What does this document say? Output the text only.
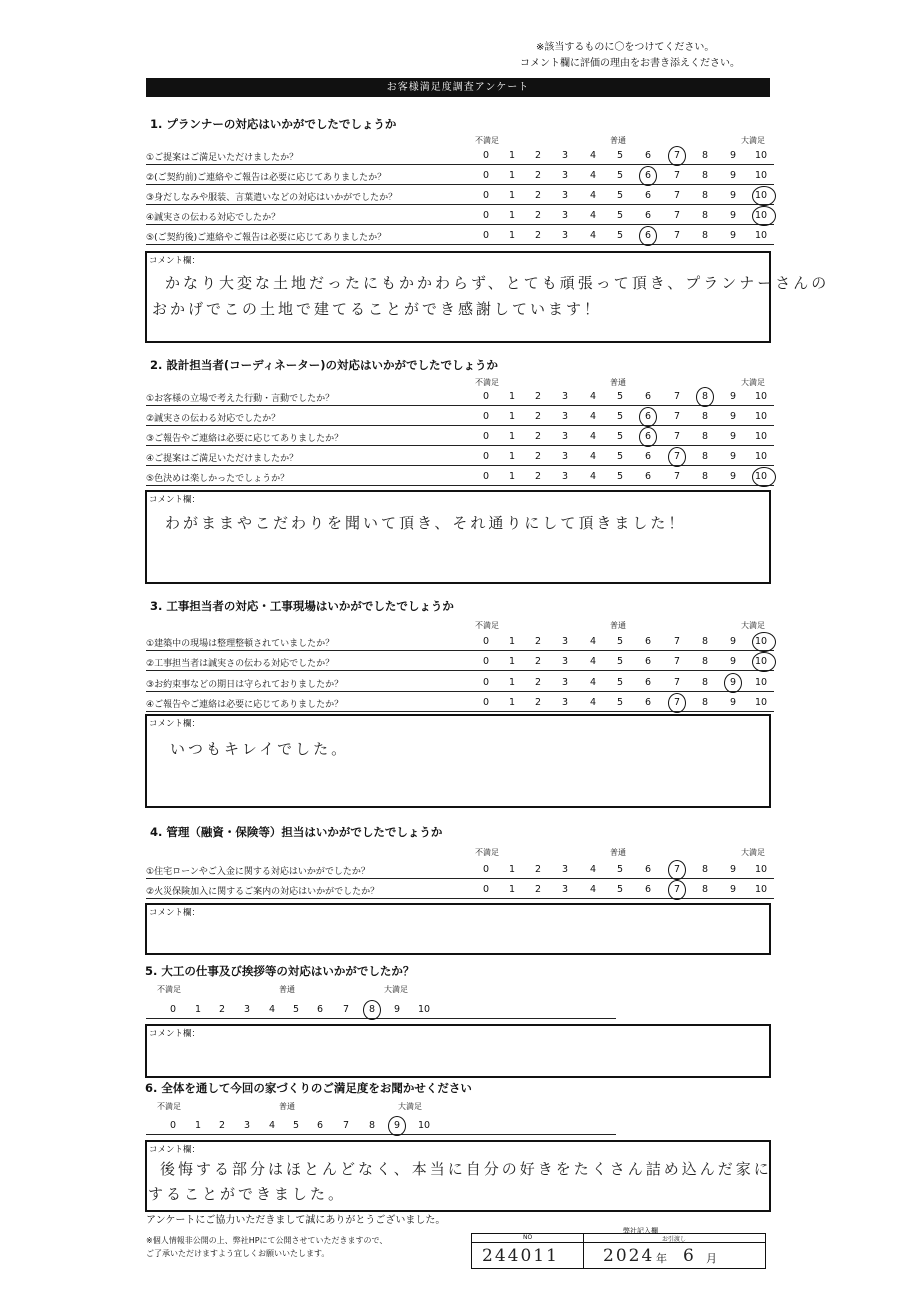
※該当するものに〇をつけてください。
コメント欄に評価の理由をお書き添えください。
お客様満足度調査アンケート
1. プランナーの対応はいかがでしたでしょうか
不満足	普通	大満足
①ご提案はご満足いただけましたか？	0	1	2	3	4	5	6	7	8	9	10
②(ご契約前)ご連絡やご報告は必要に応じてありましたか？	0	1	2	3	4	5	6	7	8	9	10
③身だしなみや服装、言葉遣いなどの対応はいかがでしたか？	0	1	2	3	4	5	6	7	8	9	10
④誠実さの伝わる対応でしたか？	0	1	2	3	4	5	6	7	8	9	10
⑤(ご契約後)ご連絡やご報告は必要に応じてありましたか？	0	1	2	3	4	5	6	7	8	9	10
コメント欄：
かなり大変な土地だったにもかかわらず、とても頑張って頂き、プランナーさんの
おかげでこの土地で建てることができ感謝しています！
2. 設計担当者(コーディネーター)の対応はいかがでしたでしょうか
不満足	普通	大満足
①お客様の立場で考えた行動・言動でしたか？	0	1	2	3	4	5	6	7	8	9	10
②誠実さの伝わる対応でしたか？	0	1	2	3	4	5	6	7	8	9	10
③ご報告やご連絡は必要に応じてありましたか？	0	1	2	3	4	5	6	7	8	9	10
④ご提案はご満足いただけましたか？	0	1	2	3	4	5	6	7	8	9	10
⑤色決めは楽しかったでしょうか？	0	1	2	3	4	5	6	7	8	9	10
コメント欄：
わがままやこだわりを聞いて頂き、それ通りにして頂きました！
3. 工事担当者の対応・工事現場はいかがでしたでしょうか
不満足	普通	大満足
①建築中の現場は整理整頓されていましたか？	0	1	2	3	4	5	6	7	8	9	10
②工事担当者は誠実さの伝わる対応でしたか？	0	1	2	3	4	5	6	7	8	9	10
③お約束事などの期日は守られておりましたか？	0	1	2	3	4	5	6	7	8	9	10
④ご報告やご連絡は必要に応じてありましたか？	0	1	2	3	4	5	6	7	8	9	10
コメント欄：
いつもキレイでした。
4. 管理（融資・保険等）担当はいかがでしたでしょうか
不満足	普通	大満足
①住宅ローンやご入金に関する対応はいかがでしたか？	0	1	2	3	4	5	6	7	8	9	10
②火災保険加入に関するご案内の対応はいかがでしたか？	0	1	2	3	4	5	6	7	8	9	10
コメント欄：
5. 大工の仕事及び挨拶等の対応はいかがでしたか？
不満足	普通	大満足
0	1	2	3	4	5	6	7	8	9	10
コメント欄：
6. 全体を通して今回の家づくりのご満足度をお聞かせください
不満足	普通	大満足
0	1	2	3	4	5	6	7	8	9	10
コメント欄：
後悔する部分はほとんどなく、本当に自分の好きをたくさん詰め込んだ家に
することができました。
アンケートにご協力いただきまして誠にありがとうございました。
※個人情報非公開の上、弊社HPにて公開させていただきますので、
ご了承いただけますよう宜しくお願いいたします。
弊社記入欄
NO	お引渡し
244011	2024 年 6 月
